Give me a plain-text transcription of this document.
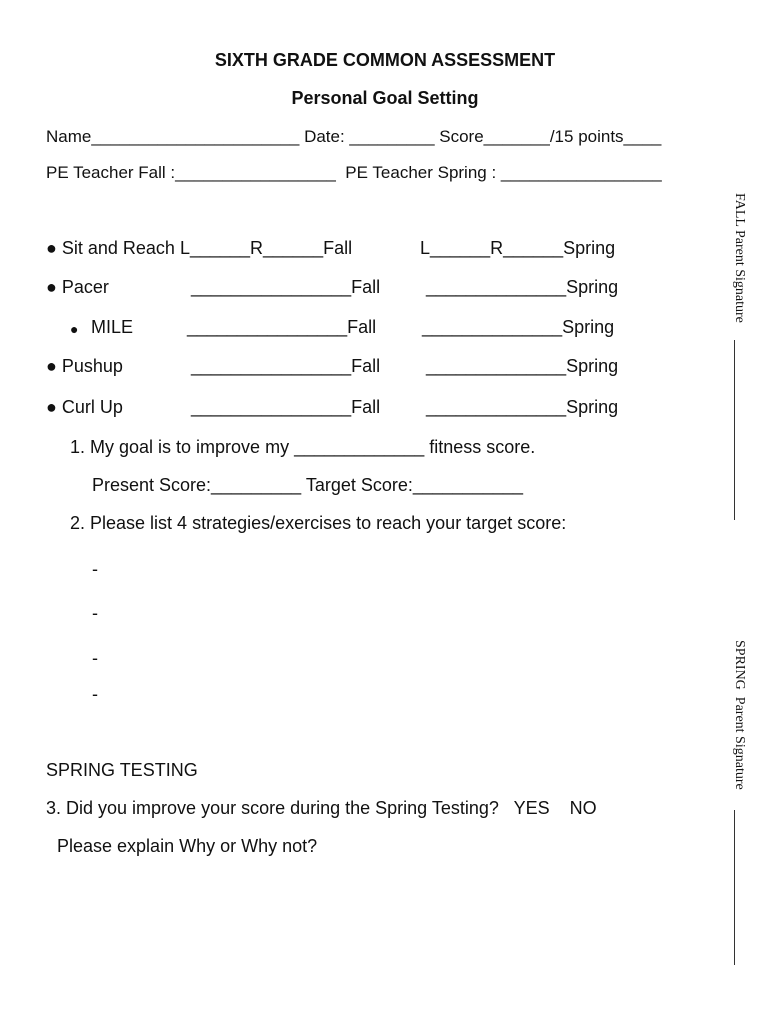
SIXTH GRADE COMMON ASSESSMENT
Personal Goal Setting
Name______________________ Date: _________ Score_______/15 points____
PE Teacher Fall :_________________  PE Teacher Spring : _________________
● Sit and Reach L______R______Fall	L______R______Spring
● Pacer	________________Fall	______________Spring
● MILE	________________Fall	______________Spring
● Pushup	________________Fall	______________Spring
● Curl Up	________________Fall	______________Spring
1. My goal is to improve my _____________ fitness score.
Present Score:_________ Target Score:___________
2. Please list 4 strategies/exercises to reach your target score:
-
-
-
-
SPRING TESTING
3. Did you improve your score during the Spring Testing?   YES    NO
Please explain Why or Why not?
FALL Parent Signature
SPRING  Parent Signature
